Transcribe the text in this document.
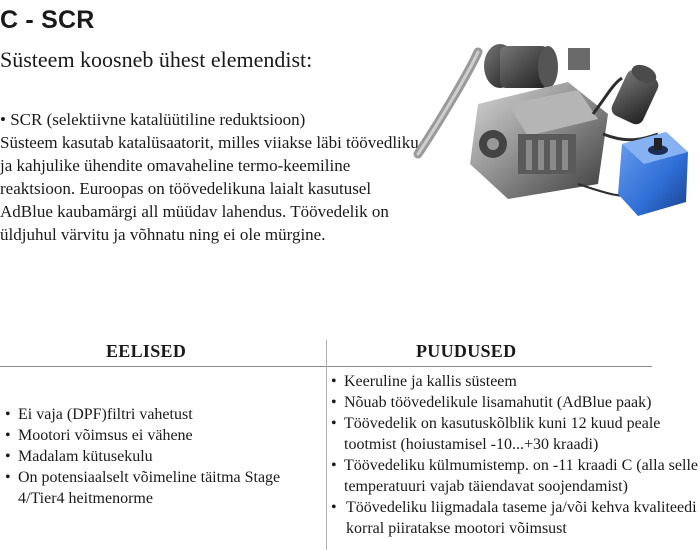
C - SCR
Süsteem koosneb ühest elemendist:
• SCR (selektiivne katalüütiline reduktsioon)
Süsteem kasutab katalüsaatorit, milles viiakse läbi töövedliku ja kahjulike ühendite omavaheline termo-keemiline reaktsioon. Euroopas on töövedelikuna laialt kasutusel AdBlue kaubamärgi all müüdav lahendus. Töövedelik on üldjuhul värvitu ja võhnatu ning ei ole mürgine.
EELISED	PUUDUSED
• Ei vaja (DPF)filtri vahetust
• Mootori võimsus ei vähene
• Madalam kütusekulu
• On potensiaalselt võimeline täitma Stage 4/Tier4 heitmenorme
• Keeruline ja kallis süsteem
• Nõuab töövedelikule lisamahutit (AdBlue paak)
• Töövedelik on kasutuskõlblik kuni 12 kuud peale tootmist (hoiustamisel -10...+30 kraadi)
• Töövedeliku külmumistemp. on -11 kraadi C (alla selle temperatuuri vajab täiendavat soojendamist)
• Töövedeliku liigmadala taseme ja/või kehva kvaliteedi korral piiratakse mootori võimsust
